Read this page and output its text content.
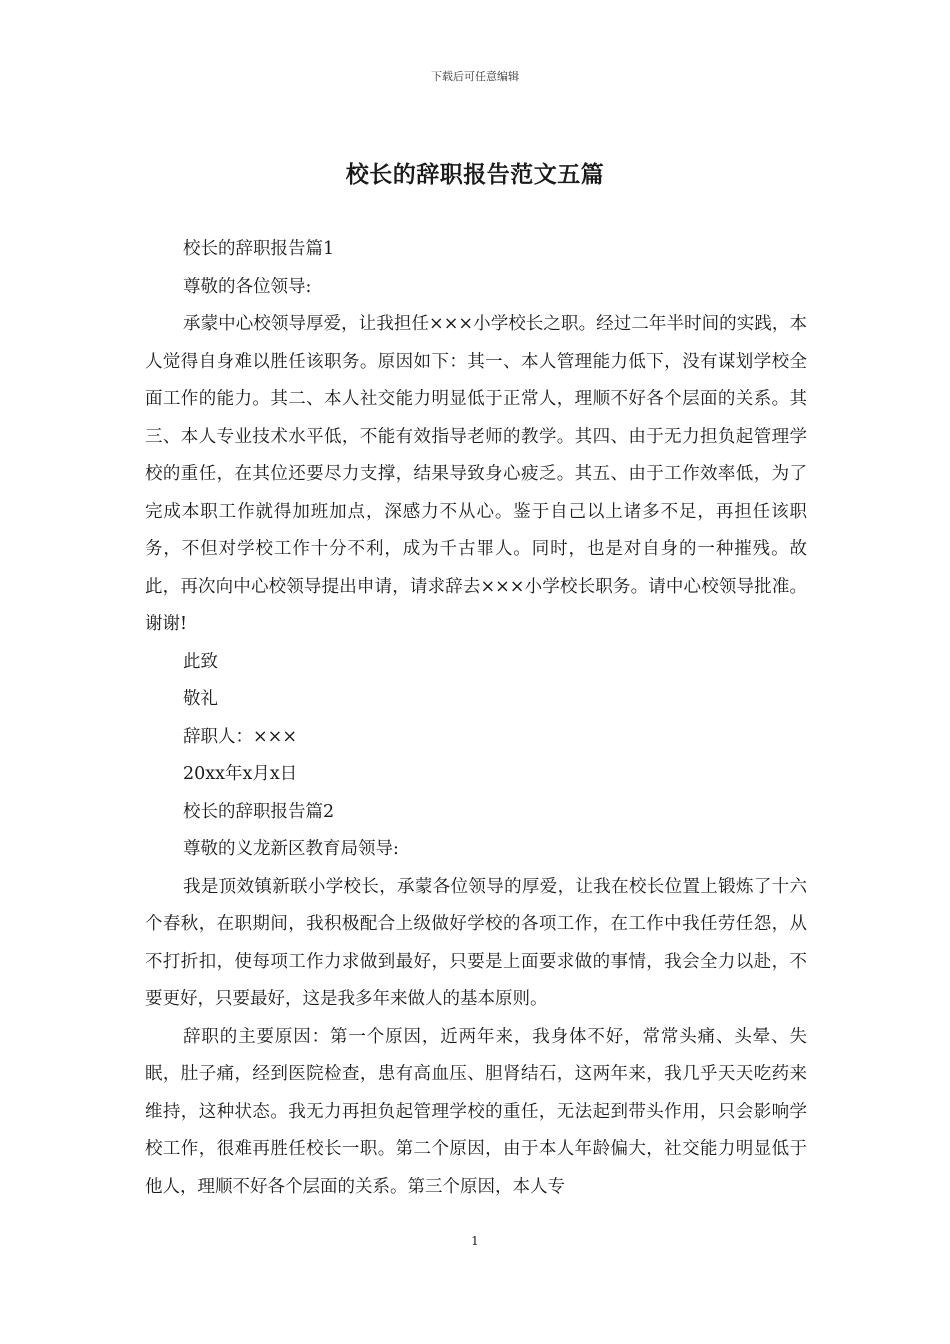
下载后可任意编辑
校长的辞职报告范文五篇

校长的辞职报告篇1

尊敬的各位领导:

承蒙中心校领导厚爱，让我担任×××小学校长之职。经过二年半时间的实践，本人觉得自身难以胜任该职务。原因如下：其一、本人管理能力低下，没有谋划学校全面工作的能力。其二、本人社交能力明显低于正常人，理顺不好各个层面的关系。其三、本人专业技术水平低，不能有效指导老师的教学。其四、由于无力担负起管理学校的重任，在其位还要尽力支撑，结果导致身心疲乏。其五、由于工作效率低，为了完成本职工作就得加班加点，深感力不从心。鉴于自己以上诸多不足，再担任该职务，不但对学校工作十分不利，成为千古罪人。同时，也是对自身的一种摧残。故此，再次向中心校领导提出申请，请求辞去×××小学校长职务。请中心校领导批准。谢谢!

此致

敬礼

辞职人：×××

20xx年x月x日

校长的辞职报告篇2

尊敬的义龙新区教育局领导:

我是顶效镇新联小学校长，承蒙各位领导的厚爱，让我在校长位置上锻炼了十六个春秋，在职期间，我积极配合上级做好学校的各项工作，在工作中我任劳任怨，从不打折扣，使每项工作力求做到最好，只要是上面要求做的事情，我会全力以赴，不要更好，只要最好，这是我多年来做人的基本原则。

辞职的主要原因：第一个原因，近两年来，我身体不好，常常头痛、头晕、失眠，肚子痛，经到医院检查，患有高血压、胆肾结石，这两年来，我几乎天天吃药来维持，这种状态。我无力再担负起管理学校的重任，无法起到带头作用，只会影响学校工作，很难再胜任校长一职。第二个原因，由于本人年龄偏大，社交能力明显低于他人，理顺不好各个层面的关系。第三个原因，本人专

1
